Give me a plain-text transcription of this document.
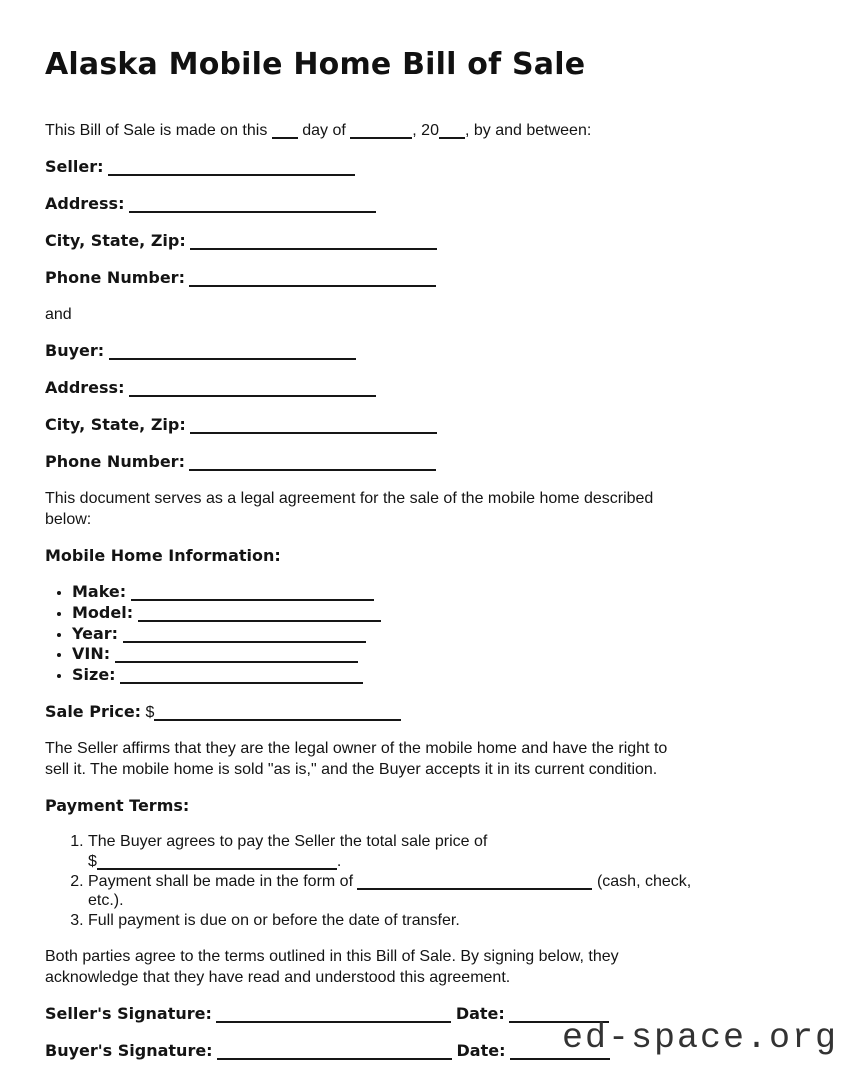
Alaska Mobile Home Bill of Sale

This Bill of Sale is made on this day of	, 20 , by and between:

Seller:

Address:

City, State, Zip:

Phone Number:

and

Buyer:

Address:

City, State, Zip:

Phone Number:

This document serves as a legal agreement for the sale of the mobile home described
below:

Mobile Home Information:

• Make:
• Model:
• Year:
• VIN:
• Size:

Sale Price: $

The Seller affirms that they are the legal owner of the mobile home and have the right to
sell it. The mobile home is sold "as is," and the Buyer accepts it in its current condition.

Payment Terms:

1. The Buyer agrees to pay the Seller the total sale price of
$	.
2. Payment shall be made in the form of	(cash, check,
etc.).
3. Full payment is due on or before the date of transfer.

Both parties agree to the terms outlined in this Bill of Sale. By signing below, they
acknowledge that they have read and understood this agreement.

Seller's Signature:	Date:

Buyer's Signature:	Date:	ed-space.org
